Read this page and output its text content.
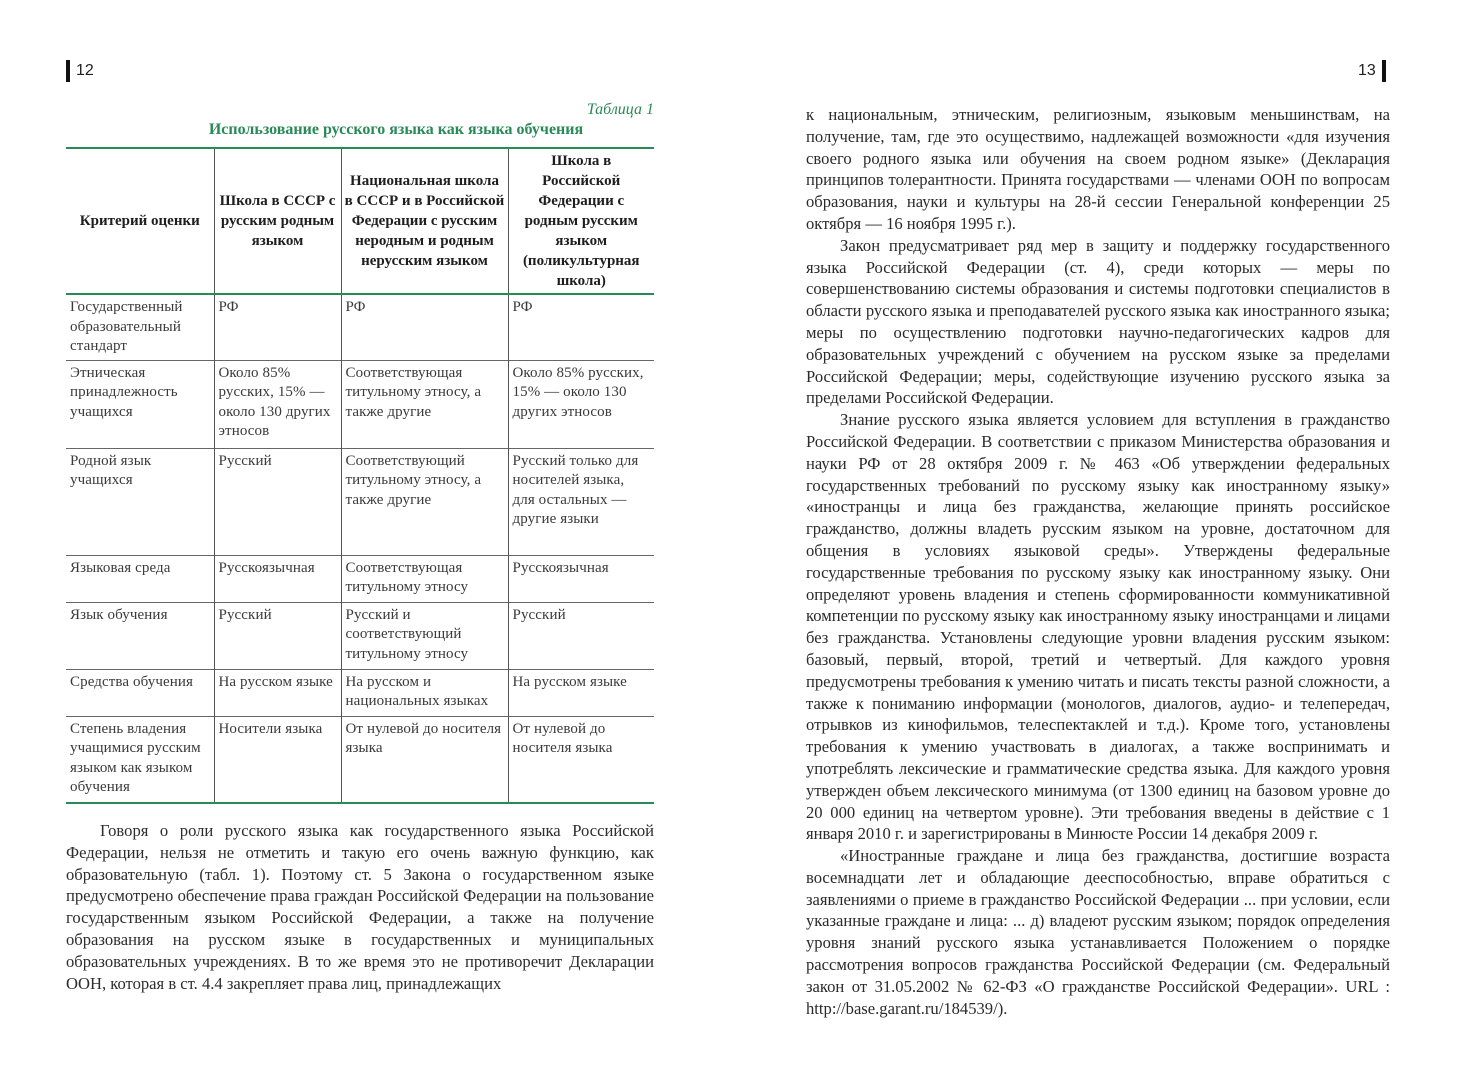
12	13
Таблица 1
Использование русского языка как языка обучения
Критерий оценки	Школа в СССР с русским родным языком	Национальная школа в СССР и в Российской Федерации с русским неродным и родным нерусским языком	Школа в Российской Федерации с родным русским языком (поликультурная школа)
Государственный образовательный стандарт	РФ	РФ	РФ
Этническая принадлежность учащихся	Около 85% русских, 15% — около 130 других этносов	Соответствующая титульному этносу, а также другие	Около 85% русских, 15% — около 130 других этносов
Родной язык учащихся	Русский	Соответствующий титульному этносу, а также другие	Русский только для носителей языка, для остальных — другие языки
Языковая среда	Русскоязычная	Соответствующая титульному этносу	Русскоязычная
Язык обучения	Русский	Русский и соответствующий титульному этносу	Русский
Средства обучения	На русском языке	На русском и национальных языках	На русском языке
Степень владения учащимися русским языком как языком обучения	Носители языка	От нулевой до носителя языка	От нулевой до носителя языка

Говоря о роли русского языка как государственного языка Российской Федерации, нельзя не отметить и такую его очень важную функцию, как образовательную (табл. 1). Поэтому ст. 5 Закона о государственном языке предусмотрено обеспечение права граждан Российской Федерации на пользование государственным языком Российской Федерации, а также на получение образования на русском языке в государственных и муниципальных образовательных учреждениях. В то же время это не противоречит Декларации ООН, которая в ст. 4.4 закрепляет права лиц, принадлежащих

к национальным, этническим, религиозным, языковым меньшинствам, на получение, там, где это осуществимо, надлежащей возможности «для изучения своего родного языка или обучения на своем родном языке» (Декларация принципов толерантности. Принята государствами — членами ООН по вопросам образования, науки и культуры на 28-й сессии Генеральной конференции 25 октября — 16 ноября 1995 г.).

Закон предусматривает ряд мер в защиту и поддержку государственного языка Российской Федерации (ст. 4), среди которых — меры по совершенствованию системы образования и системы подготовки специалистов в области русского языка и преподавателей русского языка как иностранного языка; меры по осуществлению подготовки научно-педагогических кадров для образовательных учреждений с обучением на русском языке за пределами Российской Федерации; меры, содействующие изучению русского языка за пределами Российской Федерации.

Знание русского языка является условием для вступления в гражданство Российской Федерации. В соответствии с приказом Министерства образования и науки РФ от 28 октября 2009 г. № 463 «Об утверждении федеральных государственных требований по русскому языку как иностранному языку» «иностранцы и лица без гражданства, желающие принять российское гражданство, должны владеть русским языком на уровне, достаточном для общения в условиях языковой среды». Утверждены федеральные государственные требования по русскому языку как иностранному языку. Они определяют уровень владения и степень сформированности коммуникативной компетенции по русскому языку как иностранному языку иностранцами и лицами без гражданства. Установлены следующие уровни владения русским языком: базовый, первый, второй, третий и четвертый. Для каждого уровня предусмотрены требования к умению читать и писать тексты разной сложности, а также к пониманию информации (монологов, диалогов, аудио- и телепередач, отрывков из кинофильмов, телеспектаклей и т.д.). Кроме того, установлены требования к умению участвовать в диалогах, а также воспринимать и употреблять лексические и грамматические средства языка. Для каждого уровня утвержден объем лексического минимума (от 1300 единиц на базовом уровне до 20 000 единиц на четвертом уровне). Эти требования введены в действие с 1 января 2010 г. и зарегистрированы в Минюсте России 14 декабря 2009 г.

«Иностранные граждане и лица без гражданства, достигшие возраста восемнадцати лет и обладающие дееспособностью, вправе обратиться с заявлениями о приеме в гражданство Российской Федерации ... при условии, если указанные граждане и лица: ... д) владеют русским языком; порядок определения уровня знаний русского языка устанавливается Положением о порядке рассмотрения вопросов гражданства Российской Федерации (см. Федеральный закон от 31.05.2002 № 62-ФЗ «О гражданстве Российской Федерации». URL : http://base.garant.ru/184539/).
